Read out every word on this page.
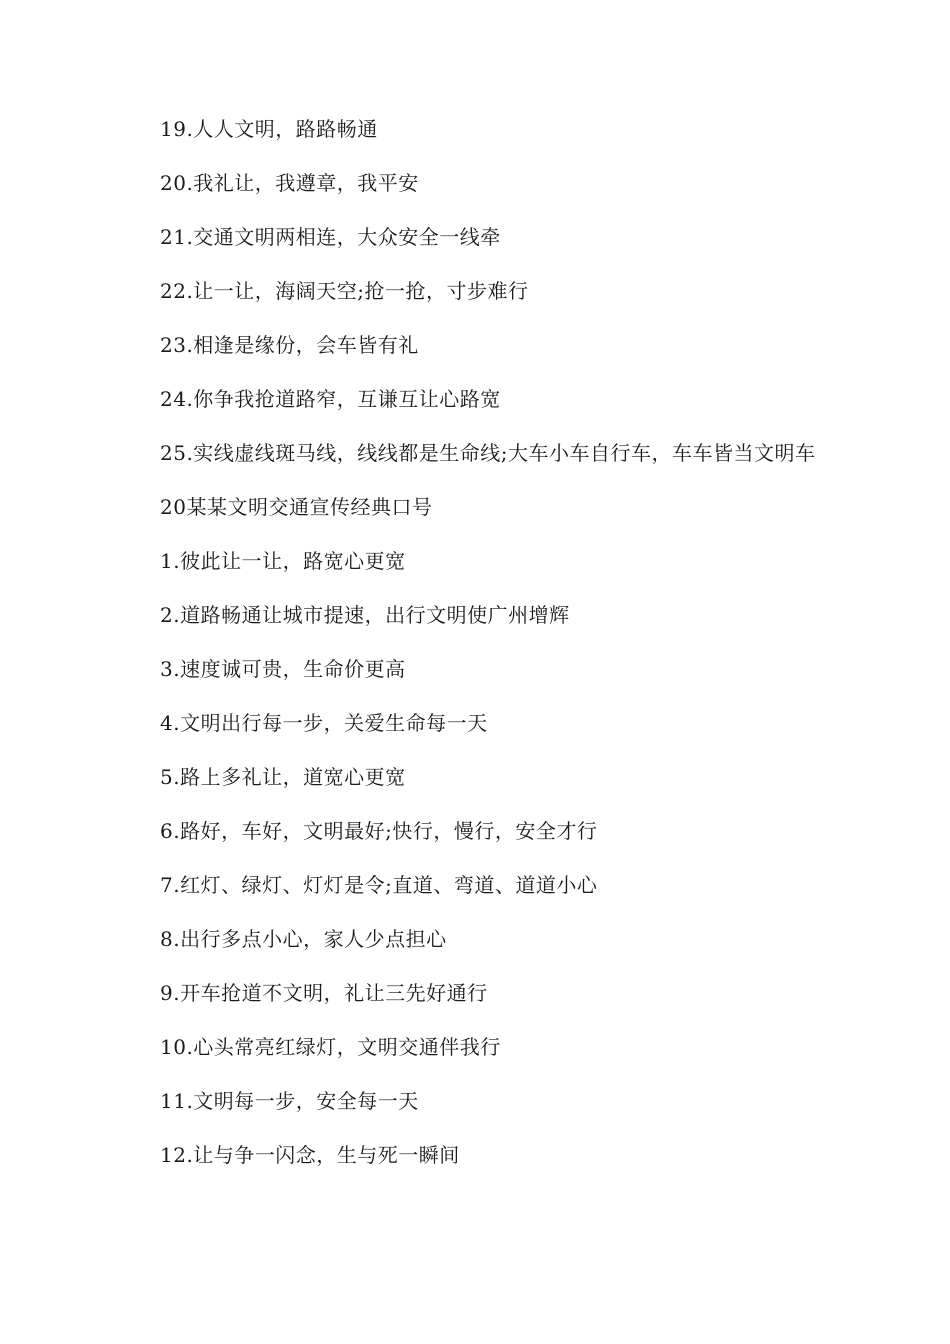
19.人人文明，路路畅通

20.我礼让，我遵章，我平安

21.交通文明两相连，大众安全一线牵

22.让一让，海阔天空;抢一抢，寸步难行

23.相逢是缘份，会车皆有礼

24.你争我抢道路窄，互谦互让心路宽

25.实线虚线斑马线，线线都是生命线;大车小车自行车，车车皆当文明车

20某某文明交通宣传经典口号

1.彼此让一让，路宽心更宽

2.道路畅通让城市提速，出行文明使广州增辉

3.速度诚可贵，生命价更高

4.文明出行每一步，关爱生命每一天

5.路上多礼让，道宽心更宽

6.路好，车好，文明最好;快行，慢行，安全才行

7.红灯、绿灯、灯灯是令;直道、弯道、道道小心

8.出行多点小心，家人少点担心

9.开车抢道不文明，礼让三先好通行

10.心头常亮红绿灯，文明交通伴我行

11.文明每一步，安全每一天

12.让与争一闪念，生与死一瞬间
